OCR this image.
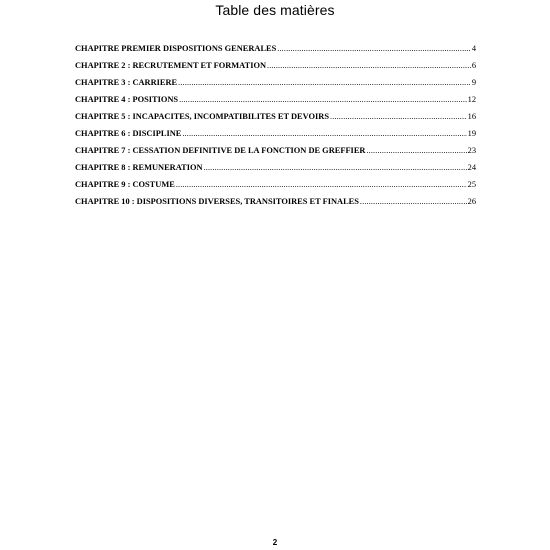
Table des matières
CHAPITRE PREMIER DISPOSITIONS GENERALES .....	4
CHAPITRE 2 : RECRUTEMENT ET FORMATION .....	6
CHAPITRE 3 : CARRIERE .....	9
CHAPITRE 4 : POSITIONS .....	12
CHAPITRE 5 : INCAPACITES, INCOMPATIBILITES ET DEVOIRS .....	16
CHAPITRE 6 : DISCIPLINE .....	19
CHAPITRE 7 : CESSATION DEFINITIVE DE LA FONCTION DE GREFFIER .....	23
CHAPITRE 8 : REMUNERATION .....	24
CHAPITRE 9 : COSTUME .....	25
CHAPITRE 10 : DISPOSITIONS DIVERSES, TRANSITOIRES ET FINALES .....	26
2
